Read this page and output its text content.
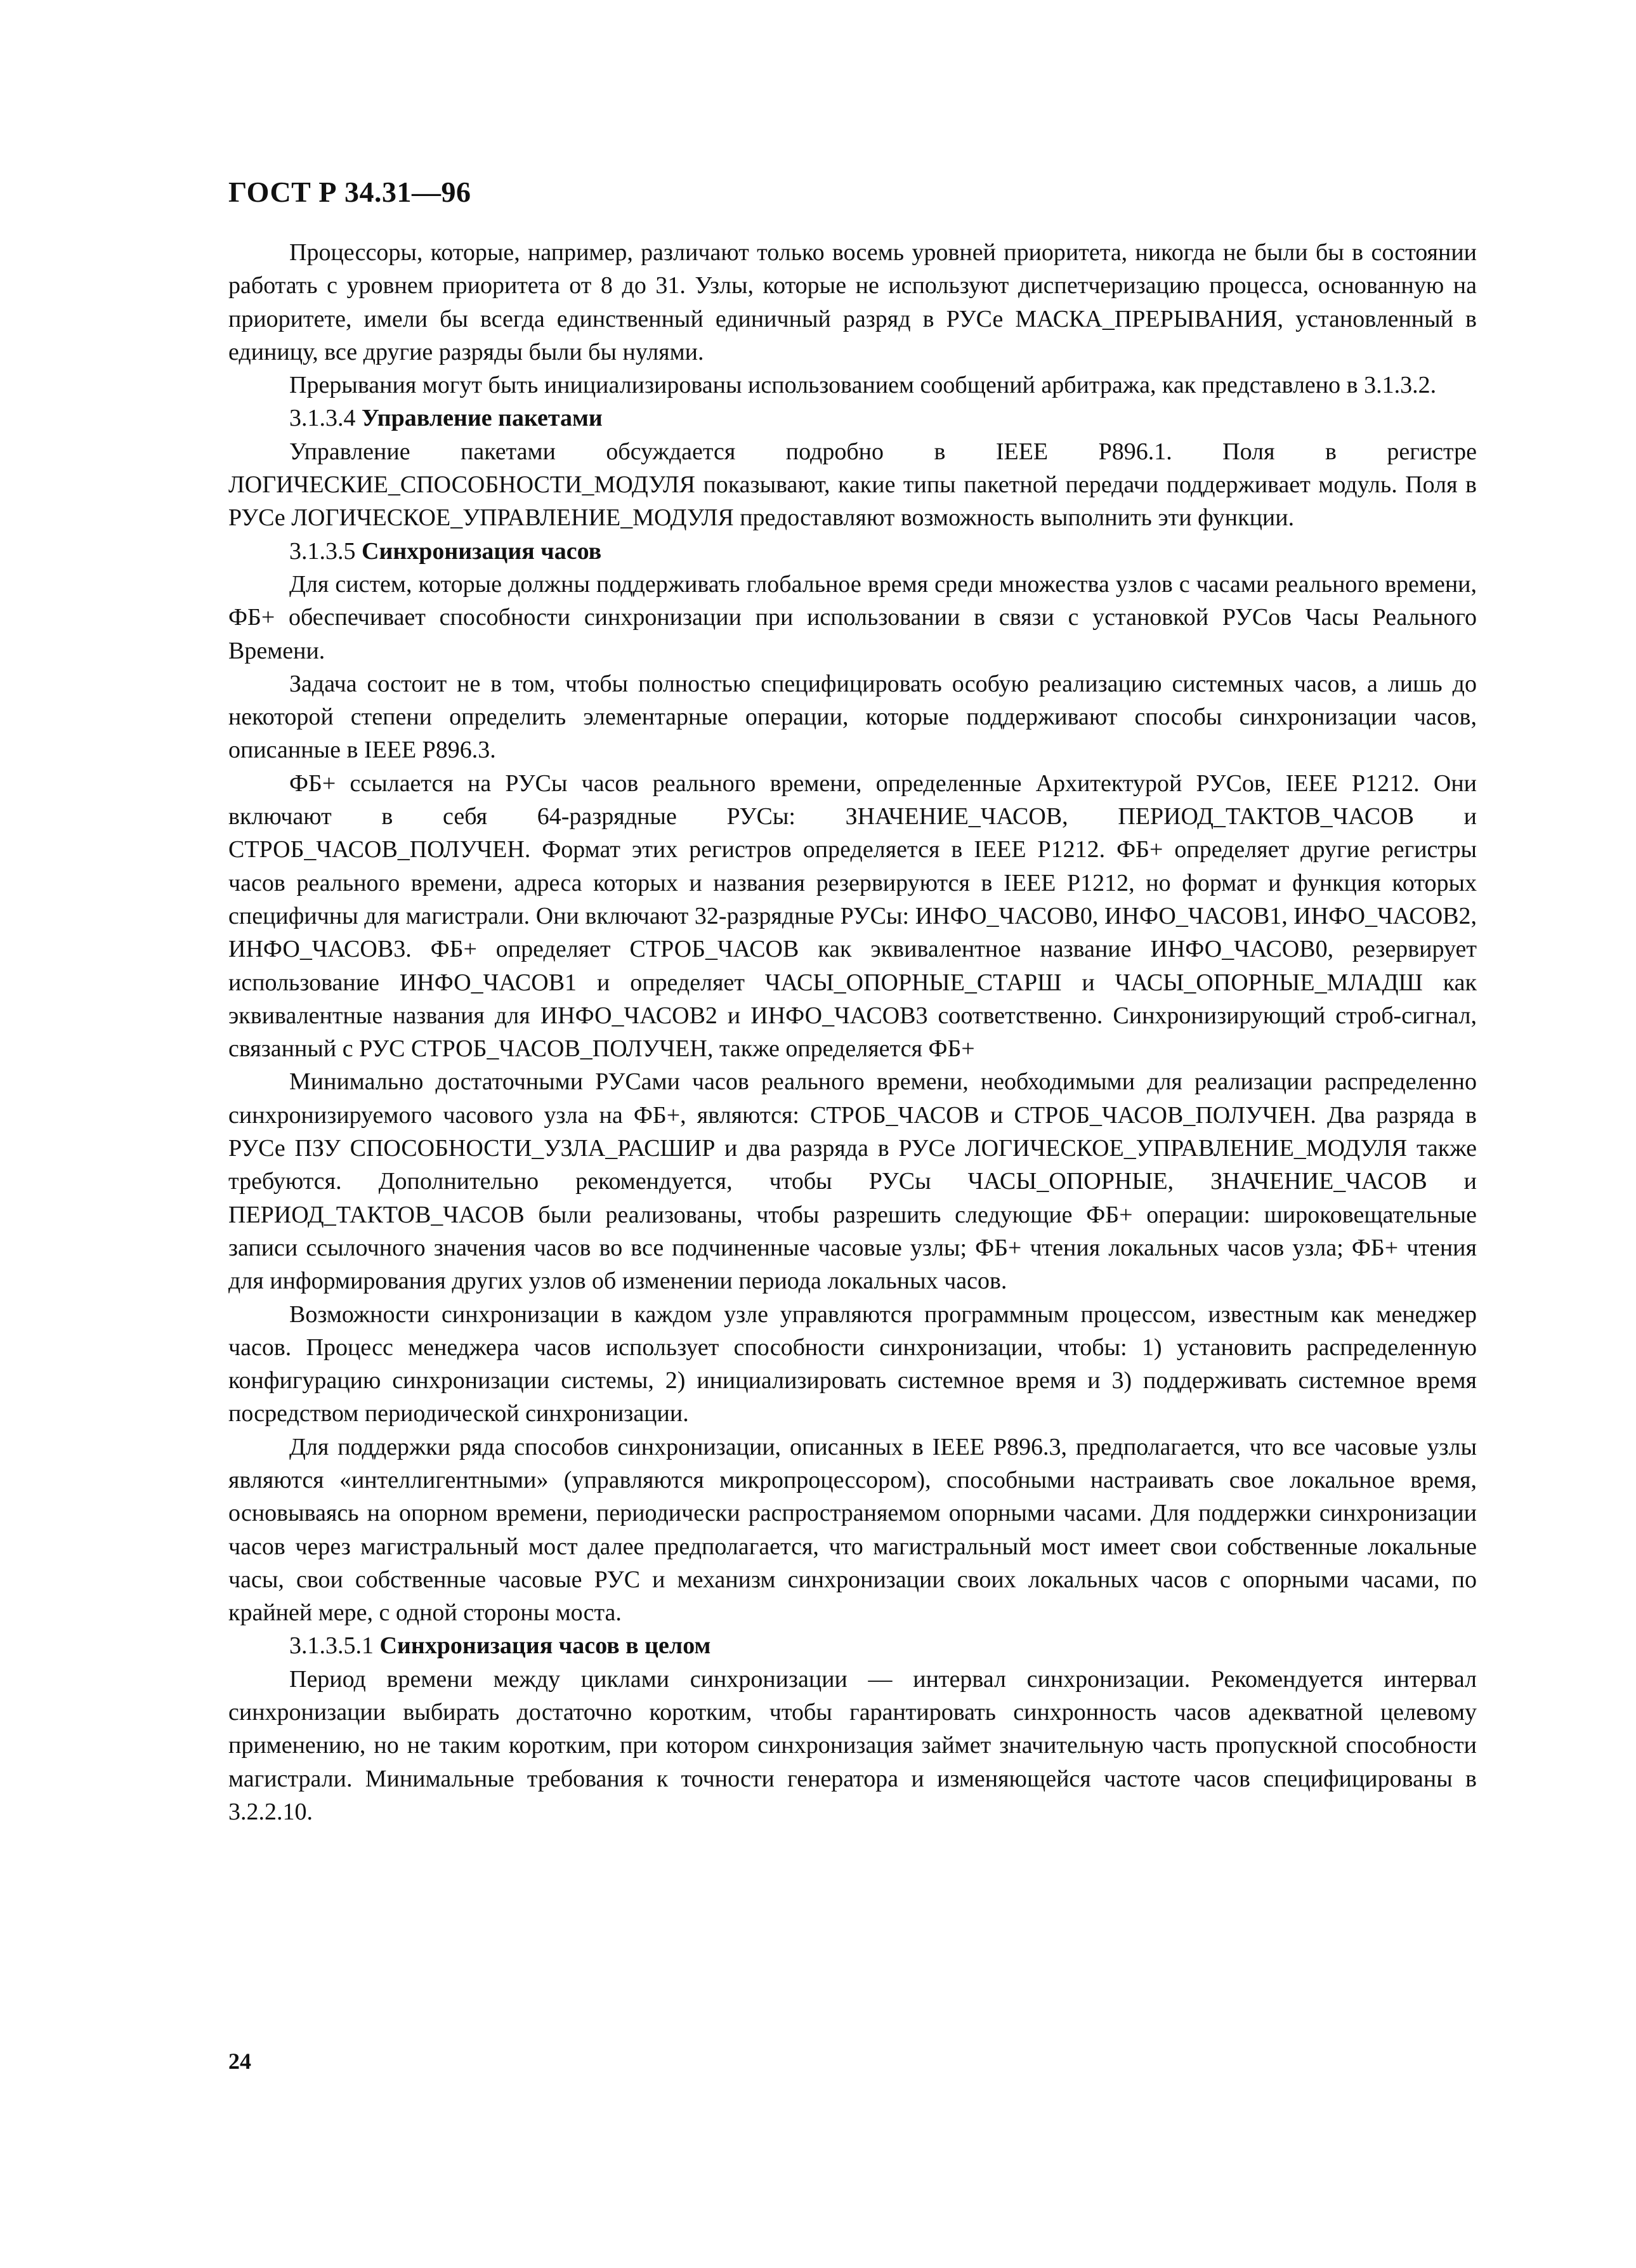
ГОСТ Р 34.31—96

Процессоры, которые, например, различают только восемь уровней приоритета, никогда не были бы в состоянии работать с уровнем приоритета от 8 до 31. Узлы, которые не используют диспетчеризацию процесса, основанную на приоритете, имели бы всегда единственный единичный разряд в РУСе МАСКА_ПРЕРЫВАНИЯ, установленный в единицу, все другие разряды были бы нулями.

Прерывания могут быть инициализированы использованием сообщений арбитража, как представлено в 3.1.3.2.

3.1.3.4 Управление пакетами

Управление пакетами обсуждается подробно в IEEE P896.1. Поля в регистре ЛОГИЧЕСКИЕ_СПОСОБНОСТИ_МОДУЛЯ показывают, какие типы пакетной передачи поддерживает модуль. Поля в РУСе ЛОГИЧЕСКОЕ_УПРАВЛЕНИЕ_МОДУЛЯ предоставляют возможность выполнить эти функции.

3.1.3.5 Синхронизация часов

Для систем, которые должны поддерживать глобальное время среди множества узлов с часами реального времени, ФБ+ обеспечивает способности синхронизации при использовании в связи с установкой РУСов Часы Реального Времени.

Задача состоит не в том, чтобы полностью специфицировать особую реализацию системных часов, а лишь до некоторой степени определить элементарные операции, которые поддерживают способы синхронизации часов, описанные в IEEE P896.3.

ФБ+ ссылается на РУСы часов реального времени, определенные Архитектурой РУСов, IEEE P1212. Они включают в себя 64-разрядные РУСы: ЗНАЧЕНИЕ_ЧАСОВ, ПЕРИОД_ТАКТОВ_ЧАСОВ и СТРОБ_ЧАСОВ_ПОЛУЧЕН. Формат этих регистров определяется в IEEE P1212. ФБ+ определяет другие регистры часов реального времени, адреса которых и названия резервируются в IEEE P1212, но формат и функция которых специфичны для магистрали. Они включают 32-разрядные РУСы: ИНФО_ЧАСОВ0, ИНФО_ЧАСОВ1, ИНФО_ЧАСОВ2, ИНФО_ЧАСОВ3. ФБ+ определяет СТРОБ_ЧАСОВ как эквивалентное название ИНФО_ЧАСОВ0, резервирует использование ИНФО_ЧАСОВ1 и определяет ЧАСЫ_ОПОРНЫЕ_СТАРШ и ЧАСЫ_ОПОРНЫЕ_МЛАДШ как эквивалентные названия для ИНФО_ЧАСОВ2 и ИНФО_ЧАСОВ3 соответственно. Синхронизирующий строб-сигнал, связанный с РУС СТРОБ_ЧАСОВ_ПОЛУЧЕН, также определяется ФБ+

Минимально достаточными РУСами часов реального времени, необходимыми для реализации распределенно синхронизируемого часового узла на ФБ+, являются: СТРОБ_ЧАСОВ и СТРОБ_ЧАСОВ_ПОЛУЧЕН. Два разряда в РУСе ПЗУ СПОСОБНОСТИ_УЗЛА_РАСШИР и два разряда в РУСе ЛОГИЧЕСКОЕ_УПРАВЛЕНИЕ_МОДУЛЯ также требуются. Дополнительно рекомендуется, чтобы РУСы ЧАСЫ_ОПОРНЫЕ, ЗНАЧЕНИЕ_ЧАСОВ и ПЕРИОД_ТАКТОВ_ЧАСОВ были реализованы, чтобы разрешить следующие ФБ+ операции: широковещательные записи ссылочного значения часов во все подчиненные часовые узлы; ФБ+ чтения локальных часов узла; ФБ+ чтения для информирования других узлов об изменении периода локальных часов.

Возможности синхронизации в каждом узле управляются программным процессом, известным как менеджер часов. Процесс менеджера часов использует способности синхронизации, чтобы: 1) установить распределенную конфигурацию синхронизации системы, 2) инициализировать системное время и 3) поддерживать системное время посредством периодической синхронизации.

Для поддержки ряда способов синхронизации, описанных в IEEE P896.3, предполагается, что все часовые узлы являются «интеллигентными» (управляются микропроцессором), способными настраивать свое локальное время, основываясь на опорном времени, периодически распространяемом опорными часами. Для поддержки синхронизации часов через магистральный мост далее предполагается, что магистральный мост имеет свои собственные локальные часы, свои собственные часовые РУС и механизм синхронизации своих локальных часов с опорными часами, по крайней мере, с одной стороны моста.

3.1.3.5.1 Синхронизация часов в целом

Период времени между циклами синхронизации — интервал синхронизации. Рекомендуется интервал синхронизации выбирать достаточно коротким, чтобы гарантировать синхронность часов адекватной целевому применению, но не таким коротким, при котором синхронизация займет значительную часть пропускной способности магистрали. Минимальные требования к точности генератора и изменяющейся частоте часов специфицированы в 3.2.2.10.

24
